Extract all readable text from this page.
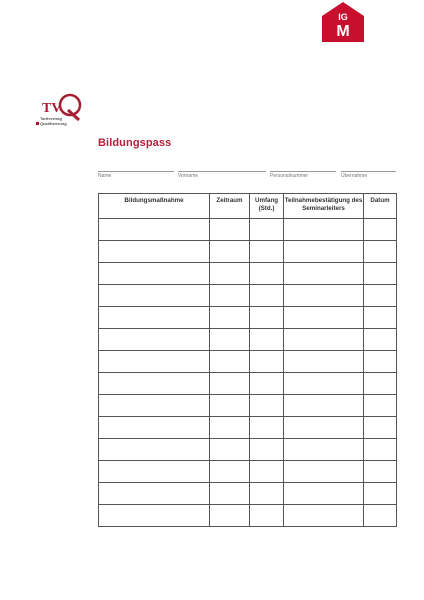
IG
M
TV
Tarifvertrag
Qualifizierung
Bildungspass
Name	Vorname	Personalnummer	Übernahme
Bildungsmaßnahme	Zeitraum	Umfang (Std.)	Teilnahmebestätigung des Seminarleiters	Datum
